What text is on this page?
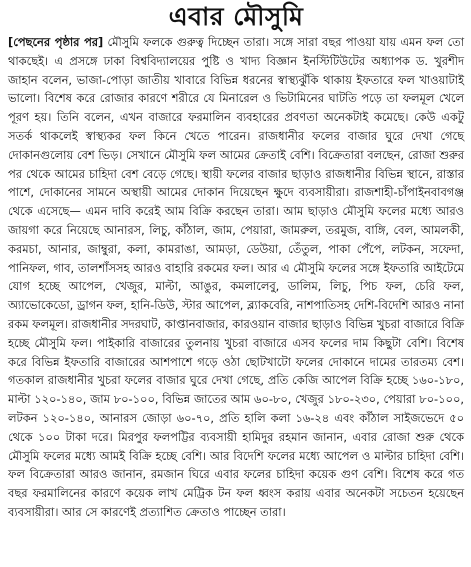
এবার মৌসুমি

[পেছনের পৃষ্ঠার পর] মৌসুমি ফলকে গুরুত্ব দিচ্ছেন তারা। সঙ্গে সারা বছর পাওয়া যায় এমন ফল তো থাকছেই। এ প্রসঙ্গে ঢাকা বিশ্ববিদ্যালয়ের পুষ্টি ও খাদ্য বিজ্ঞান ইনস্টিটিউটের অধ্যাপক ড. খুরশীদ জাহান বলেন, ভাজা-পোড়া জাতীয় খাবারে বিভিন্ন ধরনের স্বাস্থ্যঝুঁকি থাকায় ইফতারে ফল খাওয়াটাই ভালো। বিশেষ করে রোজার কারণে শরীরে যে মিনারেল ও ভিটামিনের ঘাটতি পড়ে তা ফলমূল খেলে পূরণ হয়। তিনি বলেন, এখন বাজারে ফরমালিন ব্যবহারের প্রবণতা অনেকটাই কমেছে। কেউ একটু সতর্ক থাকলেই স্বাস্থ্যকর ফল কিনে খেতে পারেন। রাজধানীর ফলের বাজার ঘুরে দেখা গেছে দোকানগুলোয় বেশ ভিড়। সেখানে মৌসুমি ফল আমের ক্রেতাই বেশি। বিক্রেতারা বলছেন, রোজা শুরুর পর থেকে আমের চাহিদা বেশ বেড়ে গেছে। স্থায়ী ফলের বাজার ছাড়াও রাজধানীর বিভিন্ন স্থানে, রাস্তার পাশে, দোকানের সামনে অস্থায়ী আমের দোকান দিয়েছেন ক্ষুদে ব্যবসায়ীরা। রাজশাহী-চাঁপাইনবাবগঞ্জ থেকে এসেছে— এমন দাবি করেই আম বিক্রি করছেন তারা। আম ছাড়াও মৌসুমি ফলের মধ্যে আরও জায়গা করে নিয়েছে আনারস, লিচু, কাঁঠাল, জাম, পেয়ারা, জামরুল, তরমুজ, বাঙ্গি, বেল, আমলকী, করমচা, আনার, জাম্বুরা, কলা, কামরাঙা, আমড়া, ডেউয়া, তেঁতুল, পাকা পেঁপে, লটকন, সফেদা, পানিফল, গাব, তালশাঁসসহ আরও বাহারি রকমের ফল। আর এ মৌসুমি ফলের সঙ্গে ইফতারি আইটেমে যোগ হচ্ছে আপেল, খেজুর, মাল্টা, আঙুর, কমলালেবু, ডালিম, লিচু, পিচ ফল, চেরি ফল, অ্যাভোকেডো, ড্রাগন ফল, হানি-ডিউ, স্টার আপেল, ব্ল্যাকবেরি, নাশপাতিসহ দেশি-বিদেশি আরও নানা রকম ফলমূল। রাজধানীর সদরঘাট, কাপ্তানবাজার, কারওয়ান বাজার ছাড়াও বিভিন্ন খুচরা বাজারে বিক্রি হচ্ছে মৌসুমি ফল। পাইকারি বাজারের তুলনায় খুচরা বাজারে এসব ফলের দাম কিছুটা বেশি। বিশেষ করে বিভিন্ন ইফতারি বাজারের আশপাশে গড়ে ওঠা ছোটখাটো ফলের দোকানে দামের তারতম্য বেশ। গতকাল রাজধানীর খুচরা ফলের বাজার ঘুরে দেখা গেছে, প্রতি কেজি আপেল বিক্রি হচ্ছে ১৬০-১৮০, মাল্টা ১২০-১৪০, জাম ৮০-১০০, বিভিন্ন জাতের আম ৬০-৮০, খেজুর ১৮০-২৩০, পেয়ারা ৮০-১০০, লটকন ১২০-১৪০, আনারস জোড়া ৬০-৭০, প্রতি হালি কলা ১৬-২৪ এবং কাঁঠাল সাইজভেদে ৫০ থেকে ১০০ টাকা দরে। মিরপুর ফলপট্টির ব্যবসায়ী হামিদুর রহমান জানান, এবার রোজা শুরু থেকে মৌসুমি ফলের মধ্যে আমই বিক্রি হচ্ছে বেশি। আর বিদেশি ফলের মধ্যে আপেল ও মাল্টার চাহিদা বেশি। ফল বিক্রেতারা আরও জানান, রমজান ঘিরে এবার ফলের চাহিদা কয়েক গুণ বেশি। বিশেষ করে গত বছর ফরমালিনের কারণে কয়েক লাখ মেট্রিক টন ফল ধ্বংস করায় এবার অনেকটা সচেতন হয়েছেন ব্যবসায়ীরা। আর সে কারণেই প্রত্যাশিত ক্রেতাও পাচ্ছেন তারা।
